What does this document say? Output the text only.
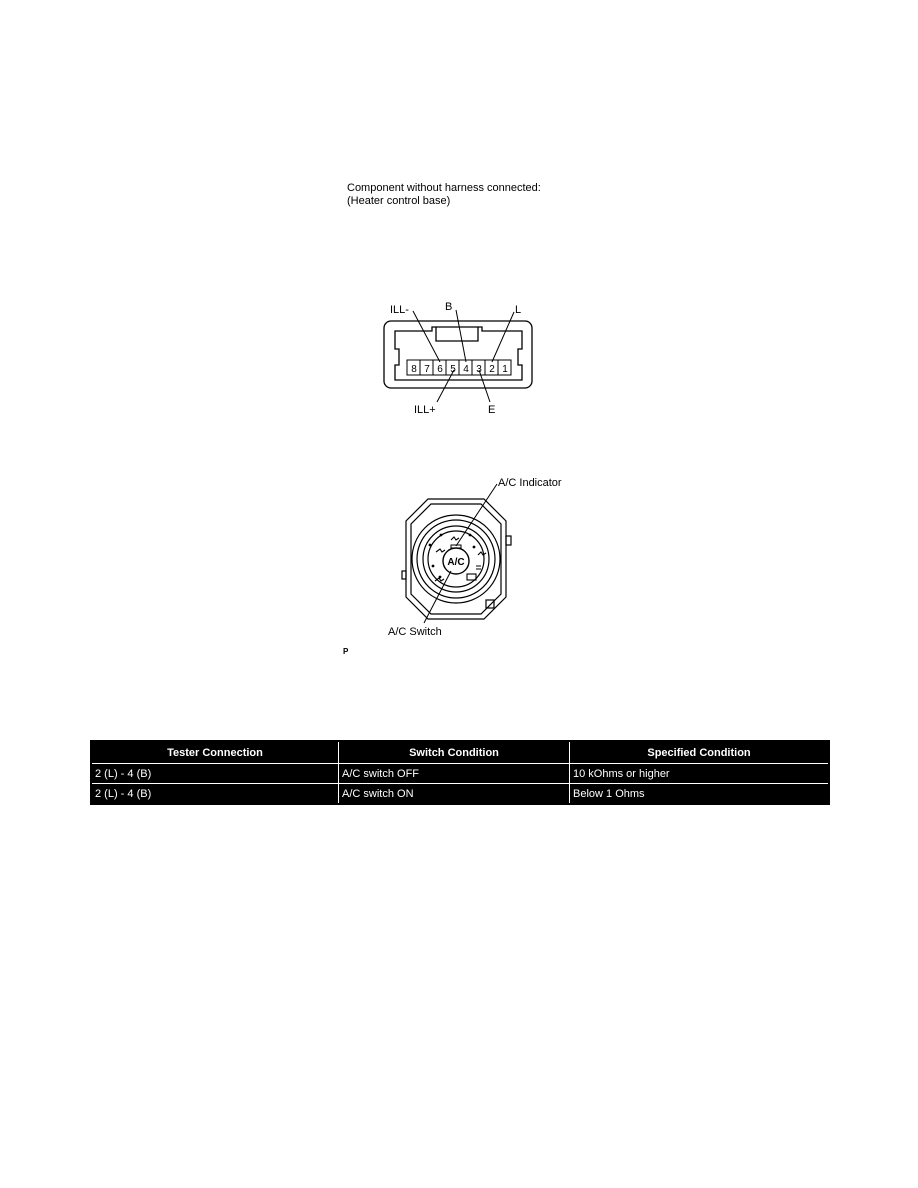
Component without harness connected:
(Heater control base)
8 7 6 5 4 3 2 1
ILL-	B	L
ILL+	E
A/C
A/C Indicator
A/C Switch
P
Tester Connection	Switch Condition	Specified Condition
2 (L) - 4 (B)	A/C switch OFF	10 kOhms or higher
2 (L) - 4 (B)	A/C switch ON	Below 1 Ohms
